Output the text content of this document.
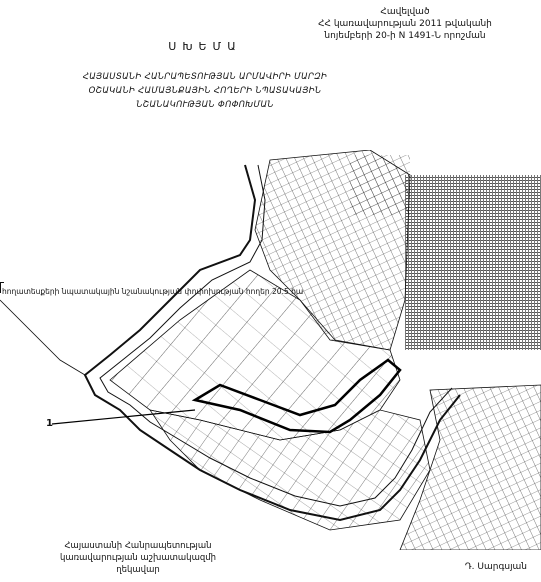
Հավելված
ՀՀ կառավարության 2011 թվականի
նոյեմբերի 20-ի N 1491-Ն որոշման
ՍԽԵՄԱ
ՀԱՅԱՍՏԱՆԻ ՀԱՆՐԱՊԵՏՈՒԹՅԱՆ ԱՐՄԱՎԻՐԻ ՄԱՐԶԻ
ՕՇԱԿԱՆԻ ՀԱՄԱՅՆՔԱՅԻՆ ՀՈՂԵՐԻ ՆՊԱՏԱԿԱՅԻՆ
ՆՇԱՆԱԿՈՒԹՅԱՆ ՓՈՓՈԽՄԱՆ
հողատեսքերի նպատակային նշանակության փոփոխության հողեր 20.5 հա
1
Հայաստանի Հանրապետության
կառավարության աշխատակազմի
ղեկավար	Դ. Սարգսյան
